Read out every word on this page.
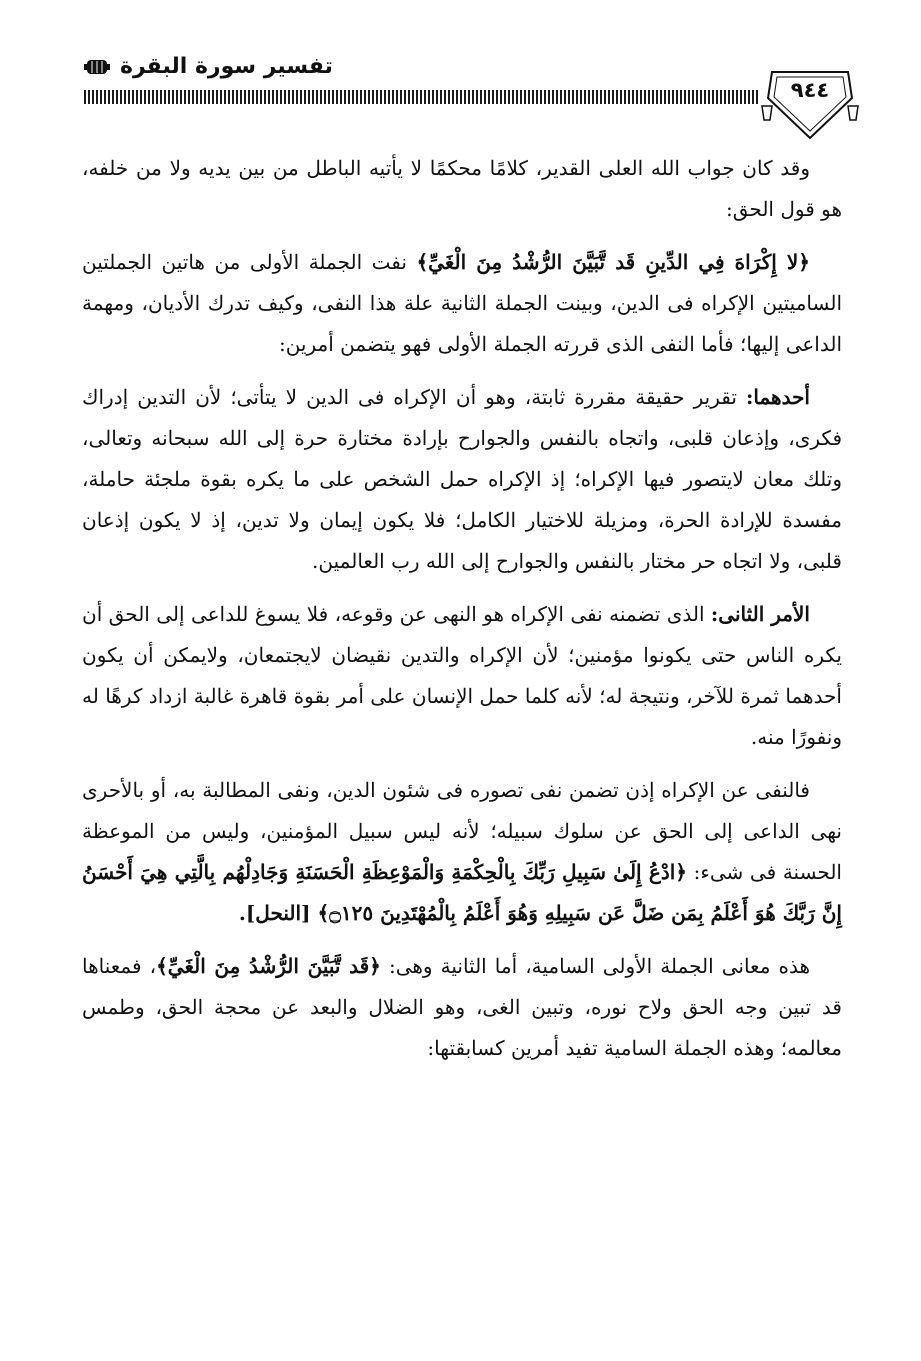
تفسير سورة البقرة
٩٤٤

وقد كان جواب الله العلى القدير، كلامًا محكمًا لا يأتيه الباطل من بين يديه ولا من خلفه، هو قول الحق:

﴿لا إِكْرَاهَ فِي الدِّينِ قَد تَّبَيَّنَ الرُّشْدُ مِنَ الْغَيِّ﴾ نفت الجملة الأولى من هاتين الجملتين الساميتين الإكراه فى الدين، وبينت الجملة الثانية علة هذا النفى، وكيف تدرك الأديان، ومهمة الداعى إليها؛ فأما النفى الذى قررته الجملة الأولى فهو يتضمن أمرين:

أحدهما: تقرير حقيقة مقررة ثابتة، وهو أن الإكراه فى الدين لا يتأتى؛ لأن التدين إدراك فكرى، وإذعان قلبى، واتجاه بالنفس والجوارح بإرادة مختارة حرة إلى الله سبحانه وتعالى، وتلك معان لايتصور فيها الإكراه؛ إذ الإكراه حمل الشخص على ما يكره بقوة ملجئة حاملة، مفسدة للإرادة الحرة، ومزيلة للاختيار الكامل؛ فلا يكون إيمان ولا تدين، إذ لا يكون إذعان قلبى، ولا اتجاه حر مختار بالنفس والجوارح إلى الله رب العالمين.

الأمر الثانى: الذى تضمنه نفى الإكراه هو النهى عن وقوعه، فلا يسوغ للداعى إلى الحق أن يكره الناس حتى يكونوا مؤمنين؛ لأن الإكراه والتدين نقيضان لايجتمعان، ولايمكن أن يكون أحدهما ثمرة للآخر، ونتيجة له؛ لأنه كلما حمل الإنسان على أمر بقوة قاهرة غالبة ازداد كرهًا له ونفورًا منه.

فالنفى عن الإكراه إذن تضمن نفى تصوره فى شئون الدين، ونفى المطالبة به، أو بالأحرى نهى الداعى إلى الحق عن سلوك سبيله؛ لأنه ليس سبيل المؤمنين، وليس من الموعظة الحسنة فى شىء: ﴿ادْعُ إِلَىٰ سَبِيلِ رَبِّكَ بِالْحِكْمَةِ وَالْمَوْعِظَةِ الْحَسَنَةِ وَجَادِلْهُم بِالَّتِي هِيَ أَحْسَنُ إِنَّ رَبَّكَ هُوَ أَعْلَمُ بِمَن ضَلَّ عَن سَبِيلِهِ وَهُوَ أَعْلَمُ بِالْمُهْتَدِينَ ۝١٢٥﴾ [النحل].

هذه معانى الجملة الأولى السامية، أما الثانية وهى: ﴿قَد تَّبَيَّنَ الرُّشْدُ مِنَ الْغَيِّ﴾، فمعناها قد تبين وجه الحق ولاح نوره، وتبين الغى، وهو الضلال والبعد عن محجة الحق، وطمس معالمه؛ وهذه الجملة السامية تفيد أمرين كسابقتها:
